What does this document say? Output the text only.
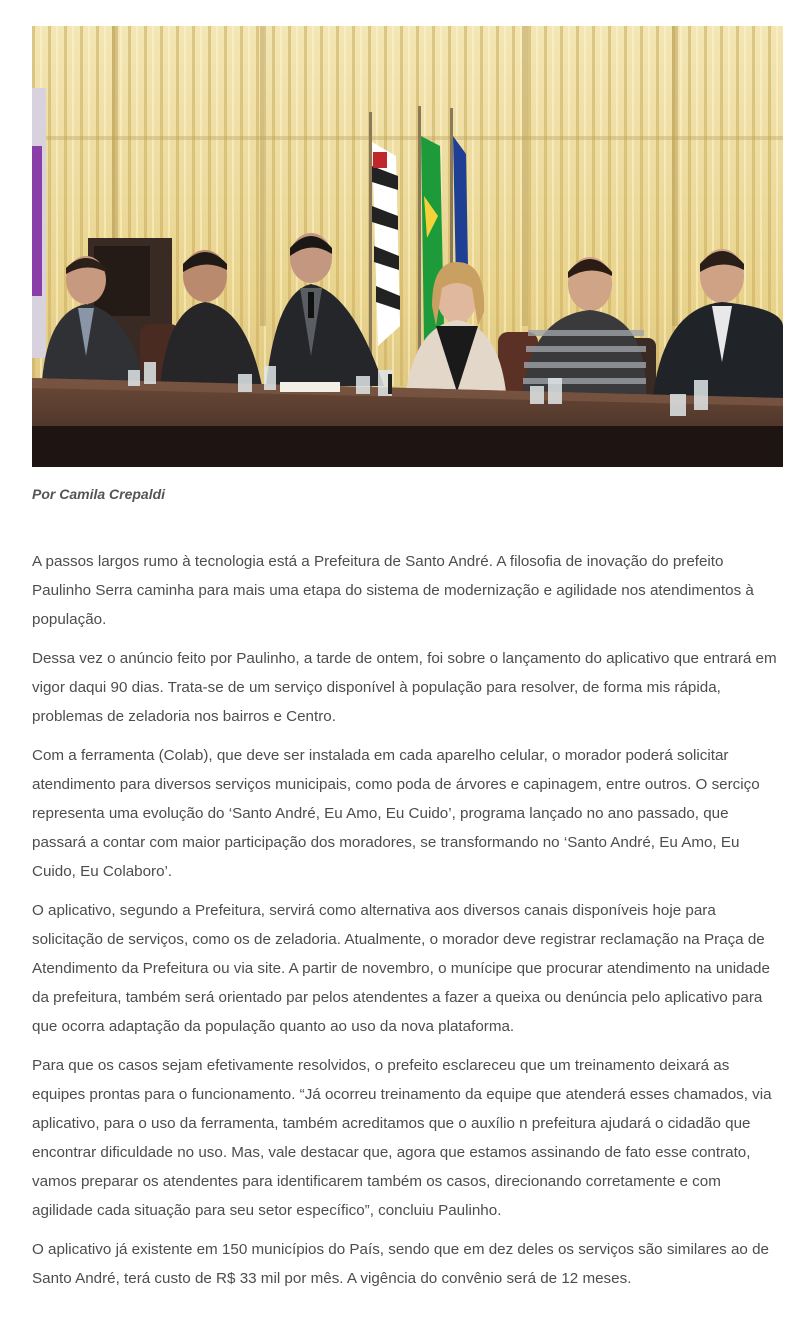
Por Camila Crepaldi

A passos largos rumo à tecnologia está a Prefeitura de Santo André. A filosofia de inovação do prefeito Paulinho Serra caminha para mais uma etapa do sistema de modernização e agilidade nos atendimentos à população.

Dessa vez o anúncio feito por Paulinho, a tarde de ontem, foi sobre o lançamento do aplicativo que entrará em vigor daqui 90 dias. Trata-se de um serviço disponível à população para resolver, de forma mis rápida, problemas de zeladoria nos bairros e Centro.

Com a ferramenta (Colab), que deve ser instalada em cada aparelho celular, o morador poderá solicitar atendimento para diversos serviços municipais, como poda de árvores e capinagem, entre outros. O serciço representa uma evolução do ‘Santo André, Eu Amo, Eu Cuido’, programa lançado no ano passado, que passará a contar com maior participação dos moradores, se transformando no ‘Santo André, Eu Amo, Eu Cuido, Eu Colaboro’.

O aplicativo, segundo a Prefeitura, servirá como alternativa aos diversos canais disponíveis hoje para solicitação de serviços, como os de zeladoria. Atualmente, o morador deve registrar reclamação na Praça de Atendimento da Prefeitura ou via site. A partir de novembro, o munícipe que procurar atendimento na unidade da prefeitura, também será orientado par pelos atendentes a fazer a queixa ou denúncia pelo aplicativo para que ocorra adaptação da população quanto ao uso da nova plataforma.

Para que os casos sejam efetivamente resolvidos, o prefeito esclareceu que um treinamento deixará as equipes prontas para o funcionamento. “Já ocorreu treinamento da equipe que atenderá esses chamados, via aplicativo, para o uso da ferramenta, também acreditamos que o auxílio n prefeitura ajudará o cidadão que encontrar dificuldade no uso. Mas, vale destacar que, agora que estamos assinando de fato esse contrato, vamos preparar os atendentes para identificarem também os casos, direcionando corretamente e com agilidade cada situação para seu setor específico”, concluiu Paulinho.

O aplicativo já existente em 150 municípios do País, sendo que em dez deles os serviços são similares ao de Santo André, terá custo de R$ 33 mil por mês. A vigência do convênio será de 12 meses.
